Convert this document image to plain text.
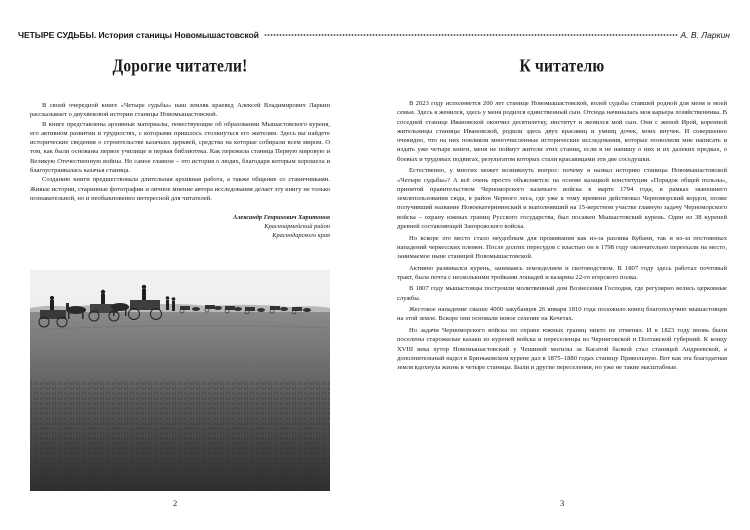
ЧЕТЫРЕ СУДЬБЫ. История станицы Новомышастовской	А. В. Ларкин
Дорогие читатели!

В своей очередной книге «Четыре судьбы» наш земляк краевед Алексей Владимирович Ларкин рассказывает о двухвековой истории станицы Новомышастовской.

В книге представлены архивные материалы, повествующие об образовании Мышастовского куреня, его активном развитии и трудностях, с которыми пришлось столкнуться его жителям. Здесь вы найдете исторические сведения о строительстве казачьих церквей, средства на которые собирали всем миром. О том, как были основаны первое училище и первая библиотека. Как пережила станица Первую мировую и Великую Отечественную войны. Но самое главное – это история о людях, благодаря которым хорошела и благоустраивалась казачья станица.

Созданию книги предшествовала длительная архивная работа, а также общение со станичниками. Живые истории, старинные фотографии и личное мнение автора исследования делает эту книгу не только познавательной, но и необыкновенно интересной для читателей.

Александр Генрихович Харитонов
Красноармейский район
Краснодарского края
2
К читателю

В 2023 году исполняется 200 лет станице Новомышастовской, волей судьбы ставшей родной для меня и моей семьи. Здесь я женился, здесь у меня родился единственный сын. Отсюда начиналась моя карьера хозяйственника. В соседней станице Ивановской окончил десятилетку, институт и женился мой сын. Они с женой Ирой, коренной жительницы станицы Ивановской, родили здесь двух красавиц и умниц дочек, моих внучек. И совершенно очевидно, что на них повлияли многочисленные исторические исследования, которые позволили мне написать и издать уже четыре книги, меня не поймут жители этих станиц, если я не напишу о них и их далеких предках, о боевых и трудовых подвигах, результатом которых стали красавицами эти две соседушки.

Естественно, у многих может возникнуть вопрос: почему я назвал историю станицы Новомышастовской «Четыре судьбы»? А всё очень просто объясняется: на основе казацкой конституции «Порядок общей пользы», принятой правительством Черноморского казачьего войска в марте 1794 года, в рамках нынешнего землепользования сюда, в район Черного леса, где уже к тому времени действовал Черноморский кордон, позже получивший название Новоекатерининский и выполнявший на 15-верстном участке главную задачу Черноморского войска – охрану южных границ Русского государства, был посажен Мышастовский курень. Один из 38 куреней древней составляющей Запорожского войска.

Но вскоре это место стало неудобным для проживания как из-за разлива Кубани, так и из-за постоянных нападений черкесских племен. После долгих пересудов с властью он в 1798 году окончательно переехали на место, занимаемое ныне станицей Новомышастовской.

Активно развивался курень, занимаясь земледелием и скотоводством. В 1807 году здесь работал почтовый тракт, была почта с несколькими тройками лошадей и казармы 22-го егерского полка.

В 1807 году мышастовцы построили молитвенный дом Вознесения Господня, где регулярно велись церковные службы.

Жестокое нападение свыше 4000 закубанцев 26 января 1810 года положило конец благополучию мышастовцев на этой земле. Вскоре они основали новое селение на Кочетах.

Но задачи Черноморского войска по охране южных границ никто не отменял. И в 1823 году вновь были поселены старожилые казаки из куреней войска и переселенцы из Черниговской и Полтавской губерний. К концу XVIII века хутор Новомышастовский у Чешиной могилы за Касатой балкой стал станицей Андреевской, а дополнительный надел в Бриньковском курене дал в 1875–1880 годах станицу Привольную. Вот как эта благодатная земля вдохнула жизнь в четыре станицы. Были и другие переселения, но уже не такие масштабные.

3
